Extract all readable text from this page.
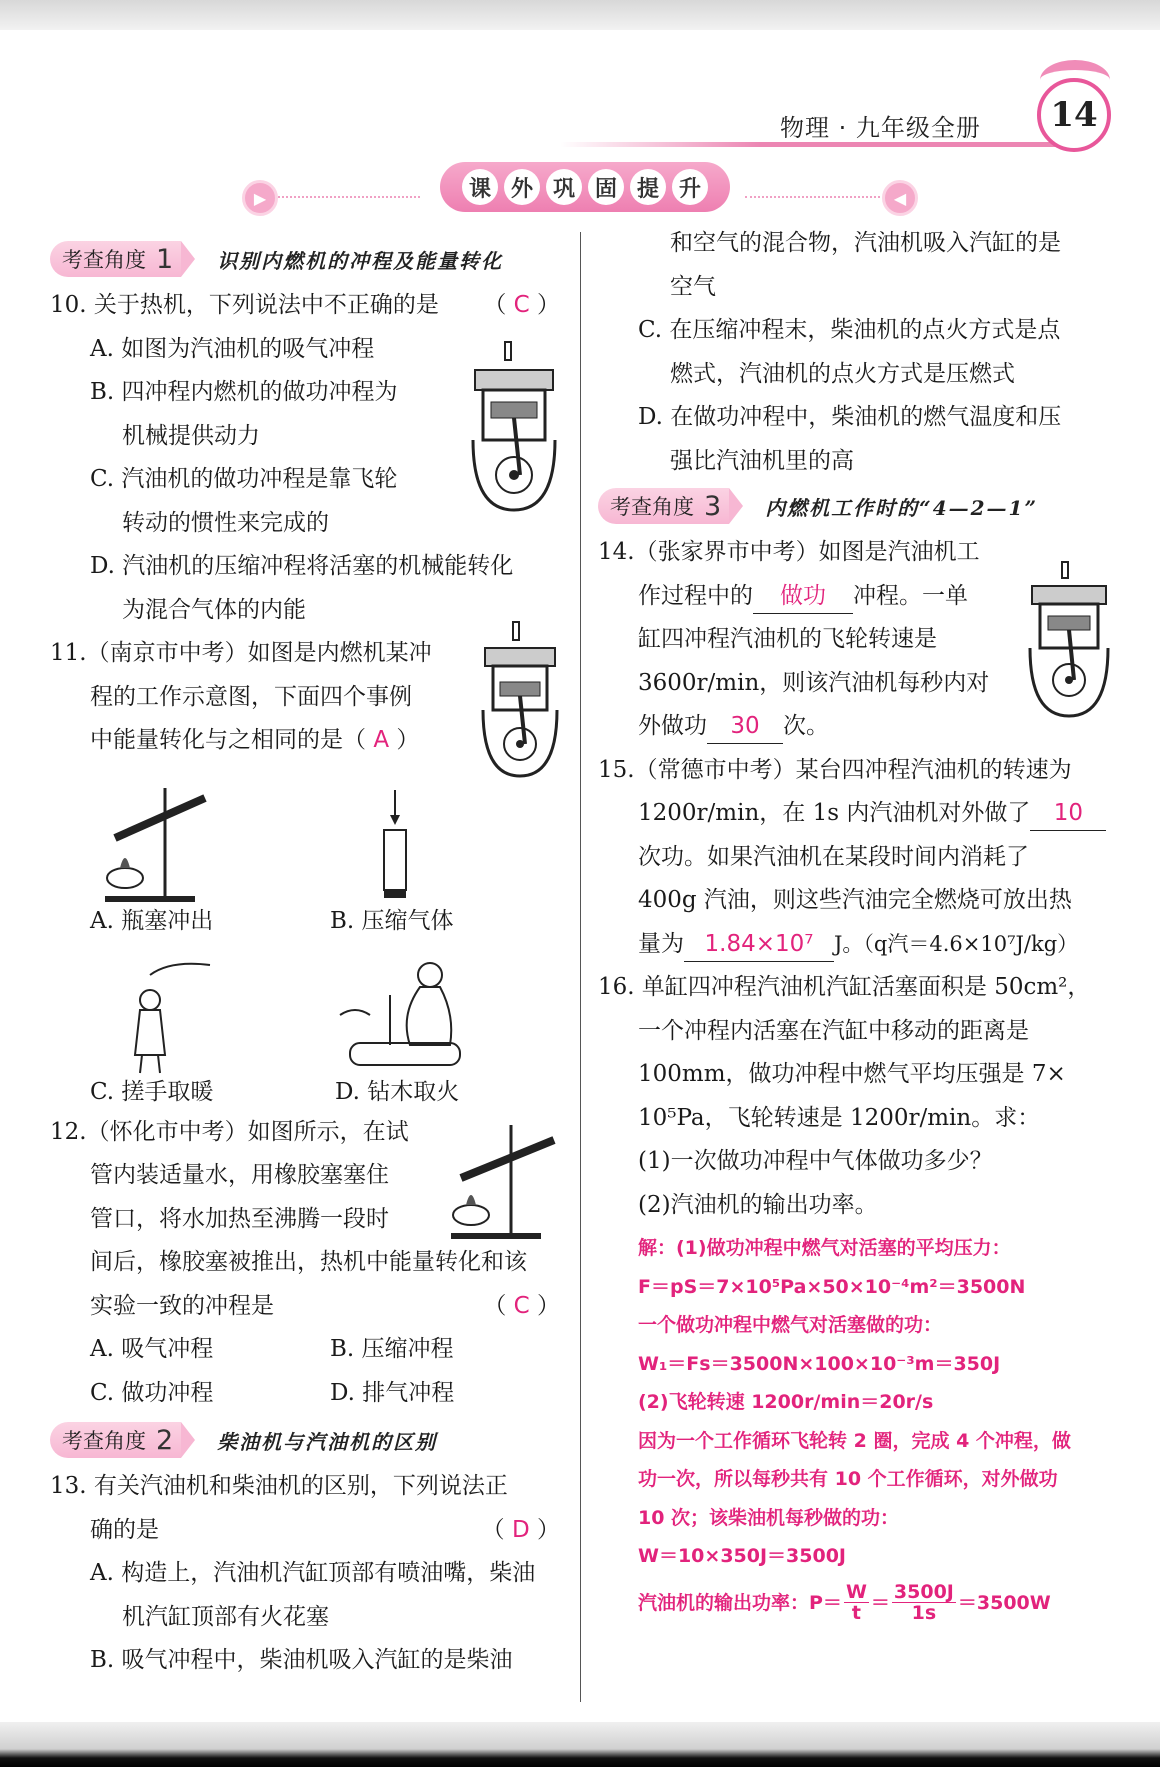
物理 · 九年级全册	14
▶	◀
课 外 巩 固 提 升
考查角度 1 识别内燃机的冲程及能量转化
10. 关于热机，下列说法中不正确的是 （ C ）
A. 如图为汽油机的吸气冲程
B. 四冲程内燃机的做功冲程为
机械提供动力
C. 汽油机的做功冲程是靠飞轮
转动的惯性来完成的
D. 汽油机的压缩冲程将活塞的机械能转化
为混合气体的内能
11.（南京市中考）如图是内燃机某冲
程的工作示意图，下面四个事例
中能量转化与之相同的是（ A ）
12.（怀化市中考）如图所示，在试
管内装适量水，用橡胶塞塞住
管口，将水加热至沸腾一段时
间后，橡胶塞被推出，热机中能量转化和该
实验一致的冲程是	（ C ）
A. 吸气冲程	B. 压缩冲程
C. 做功冲程	D. 排气冲程
考查角度 2 柴油机与汽油机的区别
13. 有关汽油机和柴油机的区别，下列说法正
确的是	（ D ）
A. 构造上，汽油机汽缸顶部有喷油嘴，柴油
机汽缸顶部有火花塞
B. 吸气冲程中，柴油机吸入汽缸的是柴油
A. 瓶塞冲出	B. 压缩气体
C. 搓手取暖	D. 钻木取火
和空气的混合物，汽油机吸入汽缸的是
空气
C. 在压缩冲程末，柴油机的点火方式是点
燃式，汽油机的点火方式是压燃式
D. 在做功冲程中，柴油机的燃气温度和压
强比汽油机里的高
考查角度 3 内燃机工作时的“4—2—1”
14.（张家界市中考）如图是汽油机工
作过程中的 做功 冲程。一单
缸四冲程汽油机的飞轮转速是
3600r/min，则该汽油机每秒内对
外做功 30 次。
15.（常德市中考）某台四冲程汽油机的转速为
1200r/min，在 1s 内汽油机对外做了 10
次功。如果汽油机在某段时间内消耗了
400g 汽油，则这些汽油完全燃烧可放出热
量为 1.84×10⁷ J。（q汽＝4.6×10⁷J/kg）
16. 单缸四冲程汽油机汽缸活塞面积是 50cm²，
一个冲程内活塞在汽缸中移动的距离是
100mm，做功冲程中燃气平均压强是 7×
10⁵Pa，飞轮转速是 1200r/min。求：
(1)一次做功冲程中气体做功多少？
(2)汽油机的输出功率。
解：(1)做功冲程中燃气对活塞的平均压力：
F＝pS＝7×10⁵Pa×50×10⁻⁴m²＝3500N
一个做功冲程中燃气对活塞做的功：
W₁＝Fs＝3500N×100×10⁻³m＝350J
(2)飞轮转速 1200r/min＝20r/s
因为一个工作循环飞轮转 2 圈，完成 4 个冲程，做
功一次，所以每秒共有 10 个工作循环，对外做功
10 次；该柴油机每秒做的功：
W＝10×350J＝3500J
汽油机的输出功率：$P= \frac{W}{t} = \frac{3500J}{1s} =3500W$
